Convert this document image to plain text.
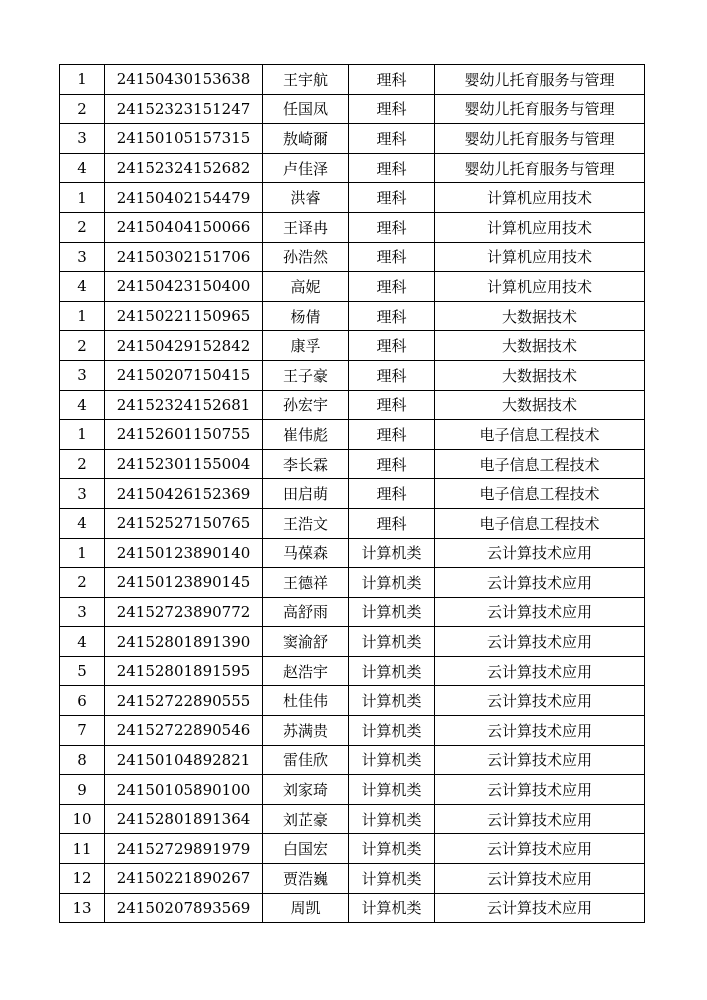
1	24150430153638	王宇航	理科	婴幼儿托育服务与管理
2	24152323151247	任国凤	理科	婴幼儿托育服务与管理
3	24150105157315	敖崎爾	理科	婴幼儿托育服务与管理
4	24152324152682	卢佳泽	理科	婴幼儿托育服务与管理
1	24150402154479	洪睿	理科	计算机应用技术
2	24150404150066	王译冉	理科	计算机应用技术
3	24150302151706	孙浩然	理科	计算机应用技术
4	24150423150400	高妮	理科	计算机应用技术
1	24150221150965	杨倩	理科	大数据技术
2	24150429152842	康孚	理科	大数据技术
3	24150207150415	王子豪	理科	大数据技术
4	24152324152681	孙宏宇	理科	大数据技术
1	24152601150755	崔伟彪	理科	电子信息工程技术
2	24152301155004	李长霖	理科	电子信息工程技术
3	24150426152369	田启萌	理科	电子信息工程技术
4	24152527150765	王浩文	理科	电子信息工程技术
1	24150123890140	马葆森	计算机类	云计算技术应用
2	24150123890145	王德祥	计算机类	云计算技术应用
3	24152723890772	高舒雨	计算机类	云计算技术应用
4	24152801891390	窦渝舒	计算机类	云计算技术应用
5	24152801891595	赵浩宇	计算机类	云计算技术应用
6	24152722890555	杜佳伟	计算机类	云计算技术应用
7	24152722890546	苏满贵	计算机类	云计算技术应用
8	24150104892821	雷佳欣	计算机类	云计算技术应用
9	24150105890100	刘家琦	计算机类	云计算技术应用
10	24152801891364	刘芷豪	计算机类	云计算技术应用
11	24152729891979	白国宏	计算机类	云计算技术应用
12	24150221890267	贾浩巍	计算机类	云计算技术应用
13	24150207893569	周凯	计算机类	云计算技术应用
